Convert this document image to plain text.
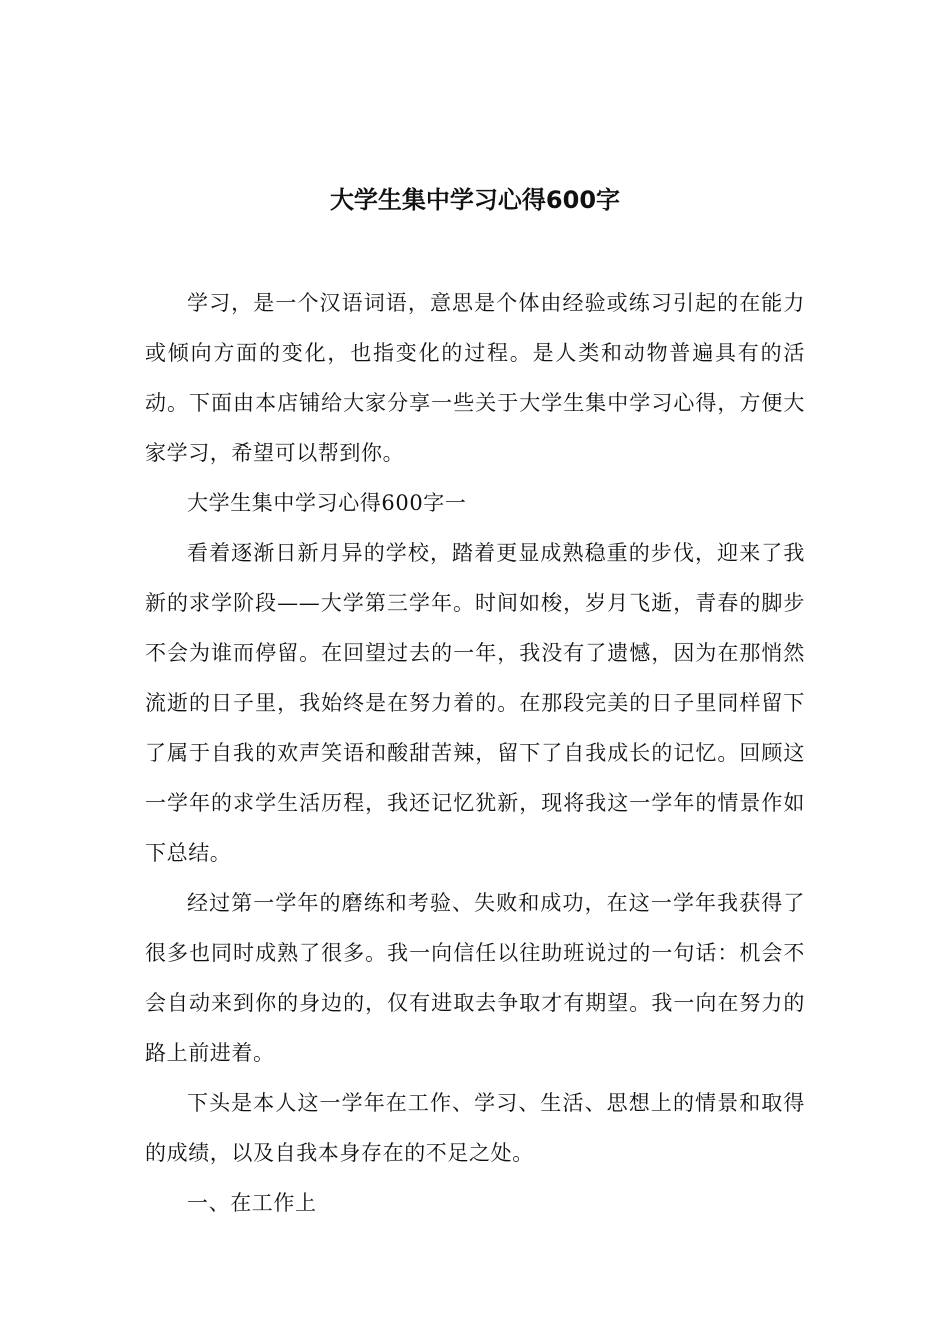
大学生集中学习心得600字

学习，是一个汉语词语，意思是个体由经验或练习引起的在能力或倾向方面的变化，也指变化的过程。是人类和动物普遍具有的活动。下面由本店铺给大家分享一些关于大学生集中学习心得，方便大家学习，希望可以帮到你。

大学生集中学习心得600字一

看着逐渐日新月异的学校，踏着更显成熟稳重的步伐，迎来了我新的求学阶段——大学第三学年。时间如梭，岁月飞逝，青春的脚步不会为谁而停留。在回望过去的一年，我没有了遗憾，因为在那悄然流逝的日子里，我始终是在努力着的。在那段完美的日子里同样留下了属于自我的欢声笑语和酸甜苦辣，留下了自我成长的记忆。回顾这一学年的求学生活历程，我还记忆犹新，现将我这一学年的情景作如下总结。

经过第一学年的磨练和考验、失败和成功，在这一学年我获得了很多也同时成熟了很多。我一向信任以往助班说过的一句话：机会不会自动来到你的身边的，仅有进取去争取才有期望。我一向在努力的路上前进着。

下头是本人这一学年在工作、学习、生活、思想上的情景和取得的成绩，以及自我本身存在的不足之处。

一、在工作上
